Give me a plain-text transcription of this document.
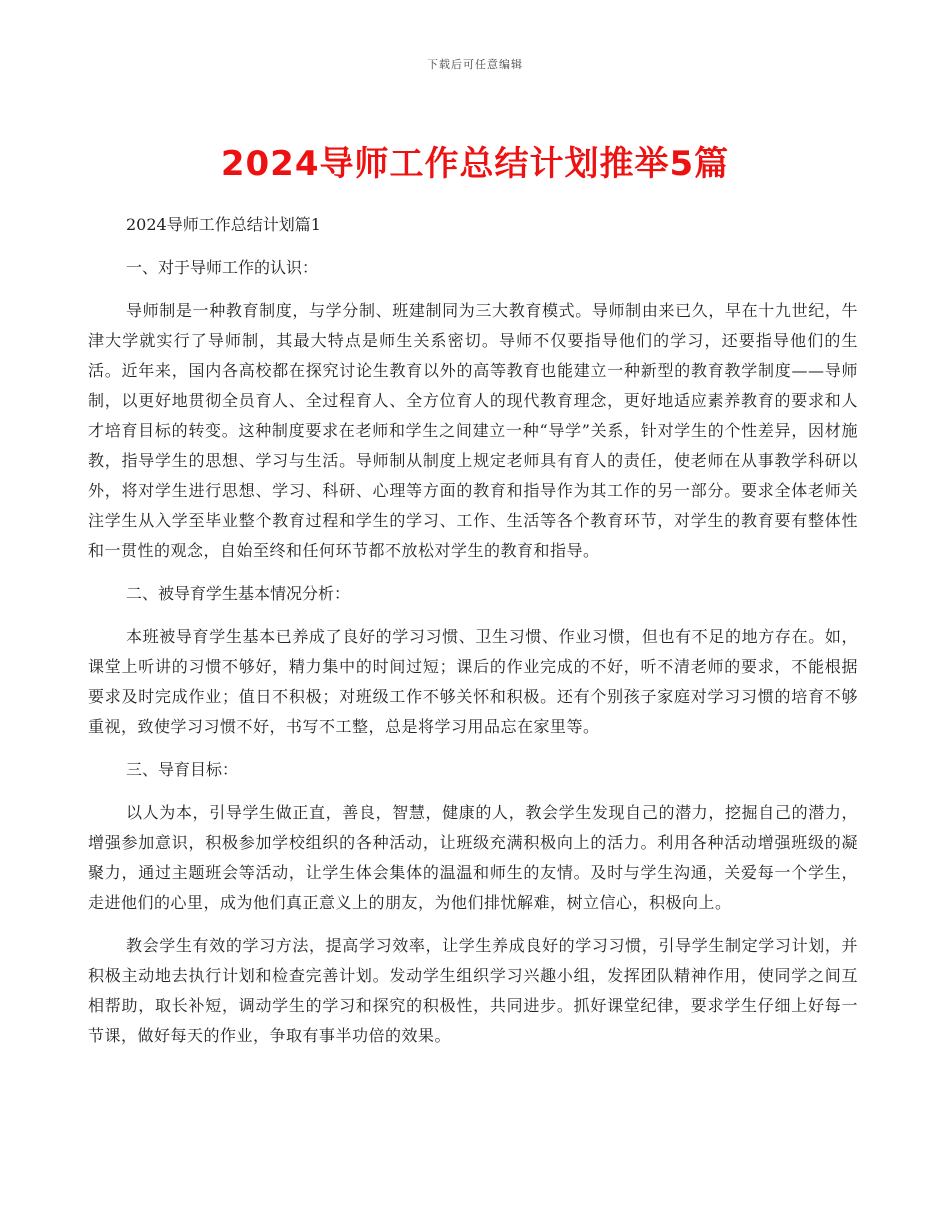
下载后可任意编辑
2024导师工作总结计划推举5篇

2024导师工作总结计划篇1

一、对于导师工作的认识：

导师制是一种教育制度，与学分制、班建制同为三大教育模式。导师制由来已久，早在十九世纪，牛津大学就实行了导师制，其最大特点是师生关系密切。导师不仅要指导他们的学习，还要指导他们的生活。近年来，国内各高校都在探究讨论生教育以外的高等教育也能建立一种新型的教育教学制度——导师制，以更好地贯彻全员育人、全过程育人、全方位育人的现代教育理念，更好地适应素养教育的要求和人才培育目标的转变。这种制度要求在老师和学生之间建立一种“导学”关系，针对学生的个性差异，因材施教，指导学生的思想、学习与生活。导师制从制度上规定老师具有育人的责任，使老师在从事教学科研以外，将对学生进行思想、学习、科研、心理等方面的教育和指导作为其工作的另一部分。要求全体老师关注学生从入学至毕业整个教育过程和学生的学习、工作、生活等各个教育环节，对学生的教育要有整体性和一贯性的观念，自始至终和任何环节都不放松对学生的教育和指导。

二、被导育学生基本情况分析：

本班被导育学生基本已养成了良好的学习习惯、卫生习惯、作业习惯，但也有不足的地方存在。如，课堂上听讲的习惯不够好，精力集中的时间过短；课后的作业完成的不好，听不清老师的要求，不能根据要求及时完成作业；值日不积极；对班级工作不够关怀和积极。还有个别孩子家庭对学习习惯的培育不够重视，致使学习习惯不好，书写不工整，总是将学习用品忘在家里等。

三、导育目标：

以人为本，引导学生做正直，善良，智慧，健康的人，教会学生发现自己的潜力，挖掘自己的潜力，增强参加意识，积极参加学校组织的各种活动，让班级充满积极向上的活力。利用各种活动增强班级的凝聚力，通过主题班会等活动，让学生体会集体的温温和师生的友情。及时与学生沟通，关爱每一个学生，走进他们的心里，成为他们真正意义上的朋友，为他们排忧解难，树立信心，积极向上。

教会学生有效的学习方法，提高学习效率，让学生养成良好的学习习惯，引导学生制定学习计划，并积极主动地去执行计划和检查完善计划。发动学生组织学习兴趣小组，发挥团队精神作用，使同学之间互相帮助，取长补短，调动学生的学习和探究的积极性，共同进步。抓好课堂纪律，要求学生仔细上好每一节课，做好每天的作业，争取有事半功倍的效果。
